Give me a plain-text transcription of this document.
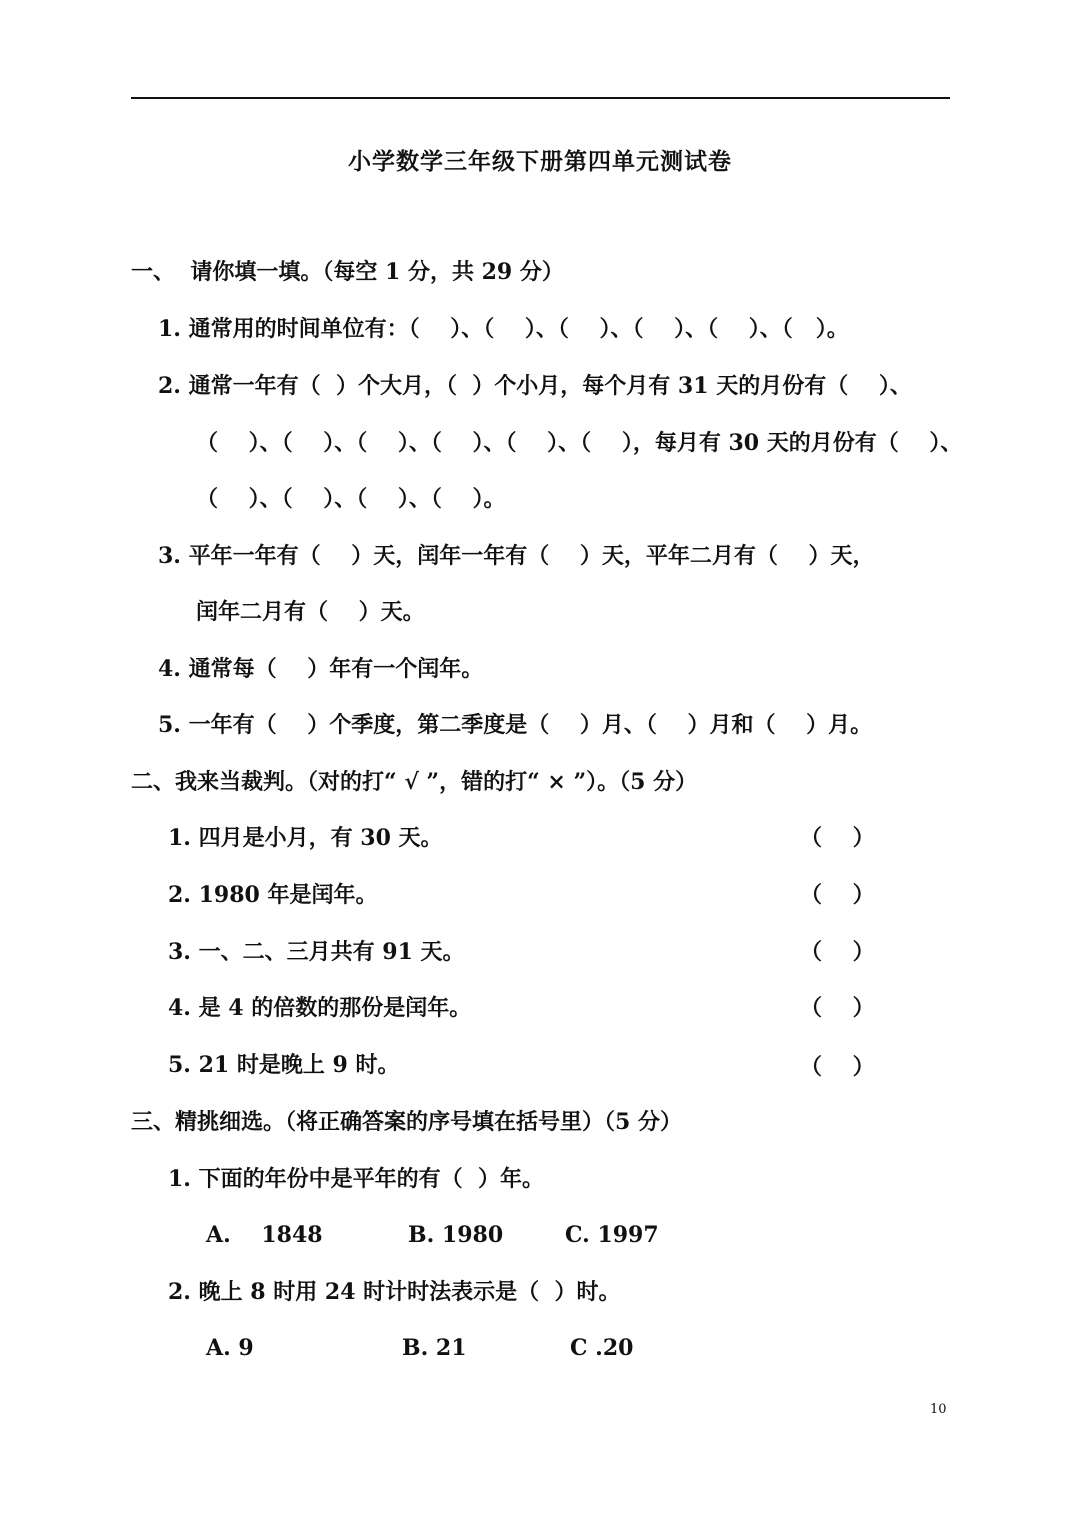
小学数学三年级下册第四单元测试卷
一、  请你填一填。（每空 1 分，共 29 分）
1. 通常用的时间单位有：（    ）、（    ）、（    ）、（    ）、（    ）、（   ）。
2. 通常一年有（  ）个大月，（  ）个小月，每个月有 31 天的月份有（    ）、
（    ）、（    ）、（    ）、（    ）、（    ）、（    ），每月有 30 天的月份有（    ）、
（    ）、（    ）、（    ）、（    ）。
3. 平年一年有（    ）天，闰年一年有（    ）天，平年二月有（    ）天，
闰年二月有（    ）天。
4. 通常每（    ）年有一个闰年。
5. 一年有（    ）个季度，第二季度是（    ）月、（    ）月和（    ）月。
二、我来当裁判。（对的打“ √ ”，错的打“ × ”）。（5 分）
1. 四月是小月，有 30 天。	（    ）
2. 1980 年是闰年。	（    ）
3. 一、二、三月共有 91 天。	（    ）
4. 是 4 的倍数的那份是闰年。	（    ）
5. 21 时是晚上 9 时。	（    ）
三、精挑细选。（将正确答案的序号填在括号里）（5 分）
1. 下面的年份中是平年的有（  ）年。
A.    1848	B. 1980	C. 1997
2. 晚上 8 时用 24 时计时法表示是（  ）时。
A. 9	B. 21	C .20
10
